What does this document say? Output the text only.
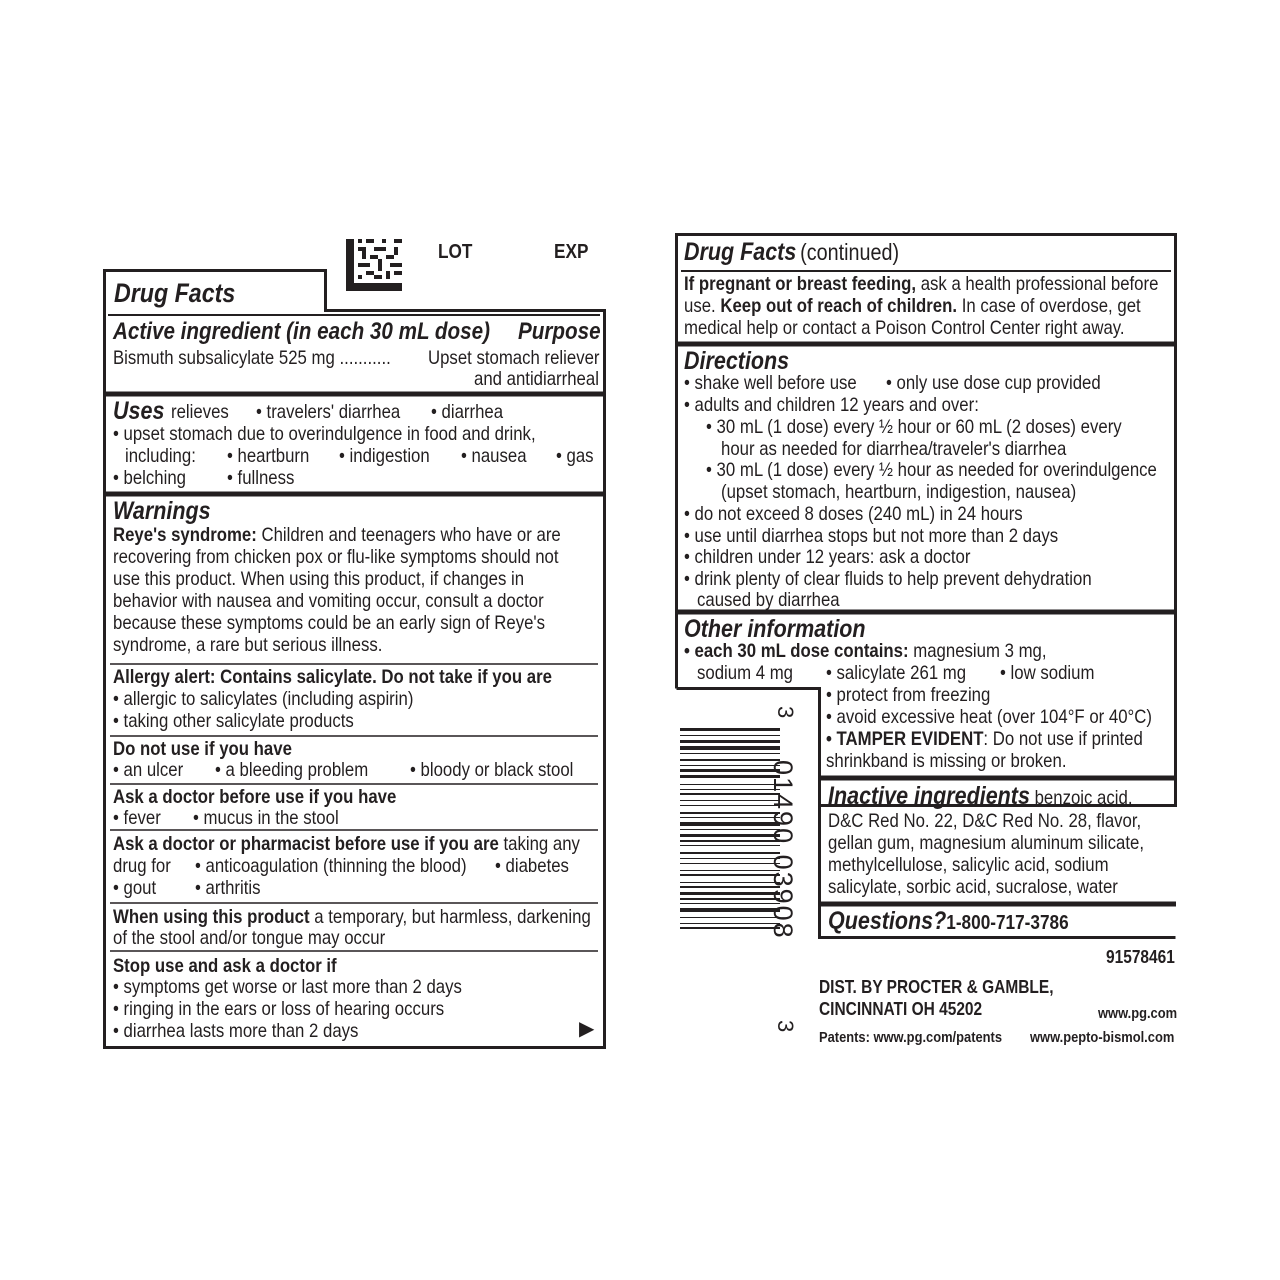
LOT	EXP
Drug Facts
Active ingredient (in each 30 mL dose)	Purpose
Bismuth subsalicylate 525 mg ...........	Upset stomach reliever
and antidiarrheal
Uses relieves	• travelers' diarrhea	• diarrhea
• upset stomach due to overindulgence in food and drink,
including:	• heartburn	• indigestion	• nausea	• gas
• belching	• fullness
Warnings
Reye's syndrome: Children and teenagers who have or are
recovering from chicken pox or flu-like symptoms should not
use this product. When using this product, if changes in
behavior with nausea and vomiting occur, consult a doctor
because these symptoms could be an early sign of Reye's
syndrome, a rare but serious illness.
Allergy alert: Contains salicylate. Do not take if you are
• allergic to salicylates (including aspirin)
• taking other salicylate products
Do not use if you have
• an ulcer	• a bleeding problem	• bloody or black stool
Ask a doctor before use if you have
• fever	• mucus in the stool
Ask a doctor or pharmacist before use if you are taking any
drug for	• anticoagulation (thinning the blood)	• diabetes
• gout	• arthritis
When using this product a temporary, but harmless, darkening
of the stool and/or tongue may occur
Stop use and ask a doctor if
• symptoms get worse or last more than 2 days
• ringing in the ears or loss of hearing occurs
• diarrhea lasts more than 2 days	▶
Drug Facts (continued)
If pregnant or breast feeding, ask a health professional before
use. Keep out of reach of children. In case of overdose, get
medical help or contact a Poison Control Center right away.
Directions
• shake well before use	• only use dose cup provided
• adults and children 12 years and over:
• 30 mL (1 dose) every ½ hour or 60 mL (2 doses) every
hour as needed for diarrhea/traveler's diarrhea
• 30 mL (1 dose) every ½ hour as needed for overindulgence
(upset stomach, heartburn, indigestion, nausea)
• do not exceed 8 doses (240 mL) in 24 hours
• use until diarrhea stops but not more than 2 days
• children under 12 years: ask a doctor
• drink plenty of clear fluids to help prevent dehydration
caused by diarrhea
Other information
• each 30 mL dose contains: magnesium 3 mg,
sodium 4 mg	• salicylate 261 mg	• low sodium
• protect from freezing
• avoid excessive heat (over 104°F or 40°C)
• TAMPER EVIDENT: Do not use if printed
shrinkband is missing or broken.
Inactive ingredients benzoic acid,
D&C Red No. 22, D&C Red No. 28, flavor,
gellan gum, magnesium aluminum silicate,
methylcellulose, salicylic acid, sodium
salicylate, sorbic acid, sucralose, water
Questions?1-800-717-3786
91578461
DIST. BY PROCTER & GAMBLE,
CINCINNATI OH 45202	www.pg.com
Patents: www.pg.com/patents	www.pepto-bismol.com
01490 03908
3
3
